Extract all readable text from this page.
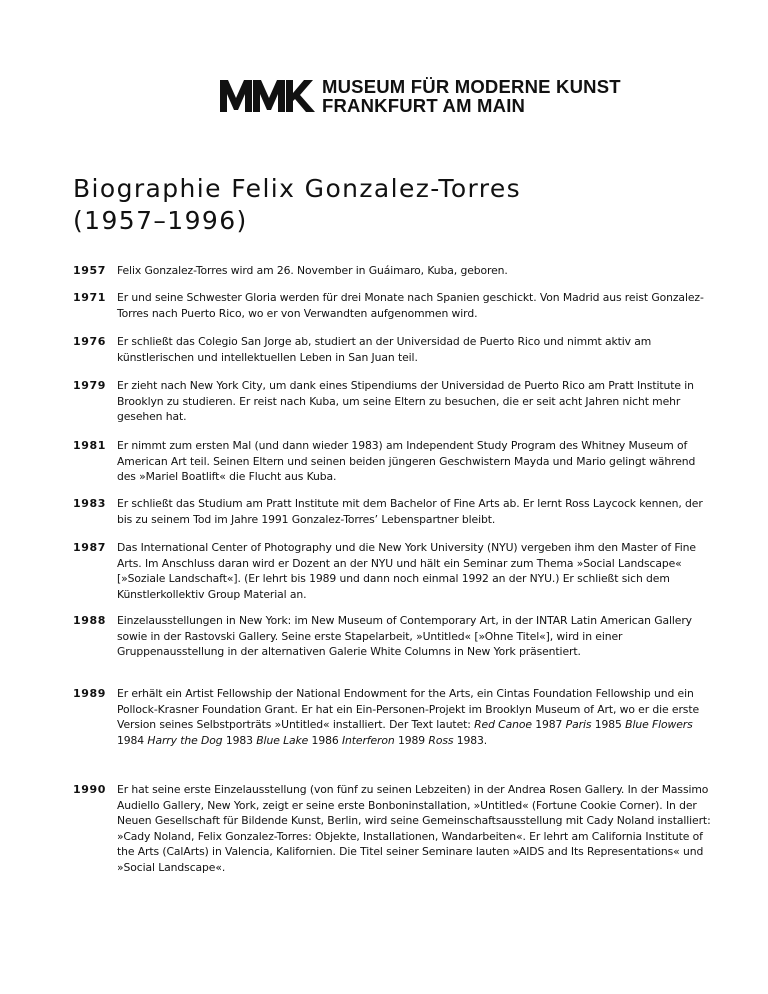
MUSEUM FÜR MODERNE KUNST
FRANKFURT AM MAIN
Biographie Felix Gonzalez-Torres
(1957–1996)
1957	Felix Gonzalez-Torres wird am 26. November in Guáimaro, Kuba, geboren.
1971	Er und seine Schwester Gloria werden für drei Monate nach Spanien geschickt. Von Madrid aus reist Gonzalez-Torres nach Puerto Rico, wo er von Verwandten aufgenommen wird.
1976	Er schließt das Colegio San Jorge ab, studiert an der Universidad de Puerto Rico und nimmt aktiv am künstlerischen und intellektuellen Leben in San Juan teil.
1979	Er zieht nach New York City, um dank eines Stipendiums der Universidad de Puerto Rico am Pratt Institute in Brooklyn zu studieren. Er reist nach Kuba, um seine Eltern zu besuchen, die er seit acht Jahren nicht mehr gesehen hat.
1981	Er nimmt zum ersten Mal (und dann wieder 1983) am Independent Study Program des Whitney Museum of American Art teil. Seinen Eltern und seinen beiden jüngeren Geschwistern Mayda und Mario gelingt während des »Mariel Boatlift« die Flucht aus Kuba.
1983	Er schließt das Studium am Pratt Institute mit dem Bachelor of Fine Arts ab. Er lernt Ross Laycock kennen, der bis zu seinem Tod im Jahre 1991 Gonzalez-Torres’ Lebenspartner bleibt.
1987	Das International Center of Photography und die New York University (NYU) vergeben ihm den Master of Fine Arts. Im Anschluss daran wird er Dozent an der NYU und hält ein Seminar zum Thema »Social Landscape« [»Soziale Landschaft«]. (Er lehrt bis 1989 und dann noch einmal 1992 an der NYU.) Er schließt sich dem Künstlerkollektiv Group Material an.
1988	Einzelausstellungen in New York: im New Museum of Contemporary Art, in der INTAR Latin American Gallery sowie in der Rastovski Gallery. Seine erste Stapelarbeit, »Untitled« [»Ohne Titel«], wird in einer Gruppenausstellung in der alternativen Galerie White Columns in New York präsentiert.
1989	Er erhält ein Artist Fellowship der National Endowment for the Arts, ein Cintas Foundation Fellowship und ein Pollock-Krasner Foundation Grant. Er hat ein Ein-Personen-Projekt im Brooklyn Museum of Art, wo er die erste Version seines Selbstporträts »Untitled« installiert. Der Text lautet: Red Canoe 1987 Paris 1985 Blue Flowers 1984 Harry the Dog 1983 Blue Lake 1986 Interferon 1989 Ross 1983.
1990	Er hat seine erste Einzelausstellung (von fünf zu seinen Lebzeiten) in der Andrea Rosen Gallery. In der Massimo Audiello Gallery, New York, zeigt er seine erste Bonboninstallation, »Untitled« (Fortune Cookie Corner). In der Neuen Gesellschaft für Bildende Kunst, Berlin, wird seine Gemeinschaftsausstellung mit Cady Noland installiert: »Cady Noland, Felix Gonzalez-Torres: Objekte, Installationen, Wandarbeiten«. Er lehrt am California Institute of the Arts (CalArts) in Valencia, Kalifornien. Die Titel seiner Seminare lauten »AIDS and Its Representations« und »Social Landscape«.
